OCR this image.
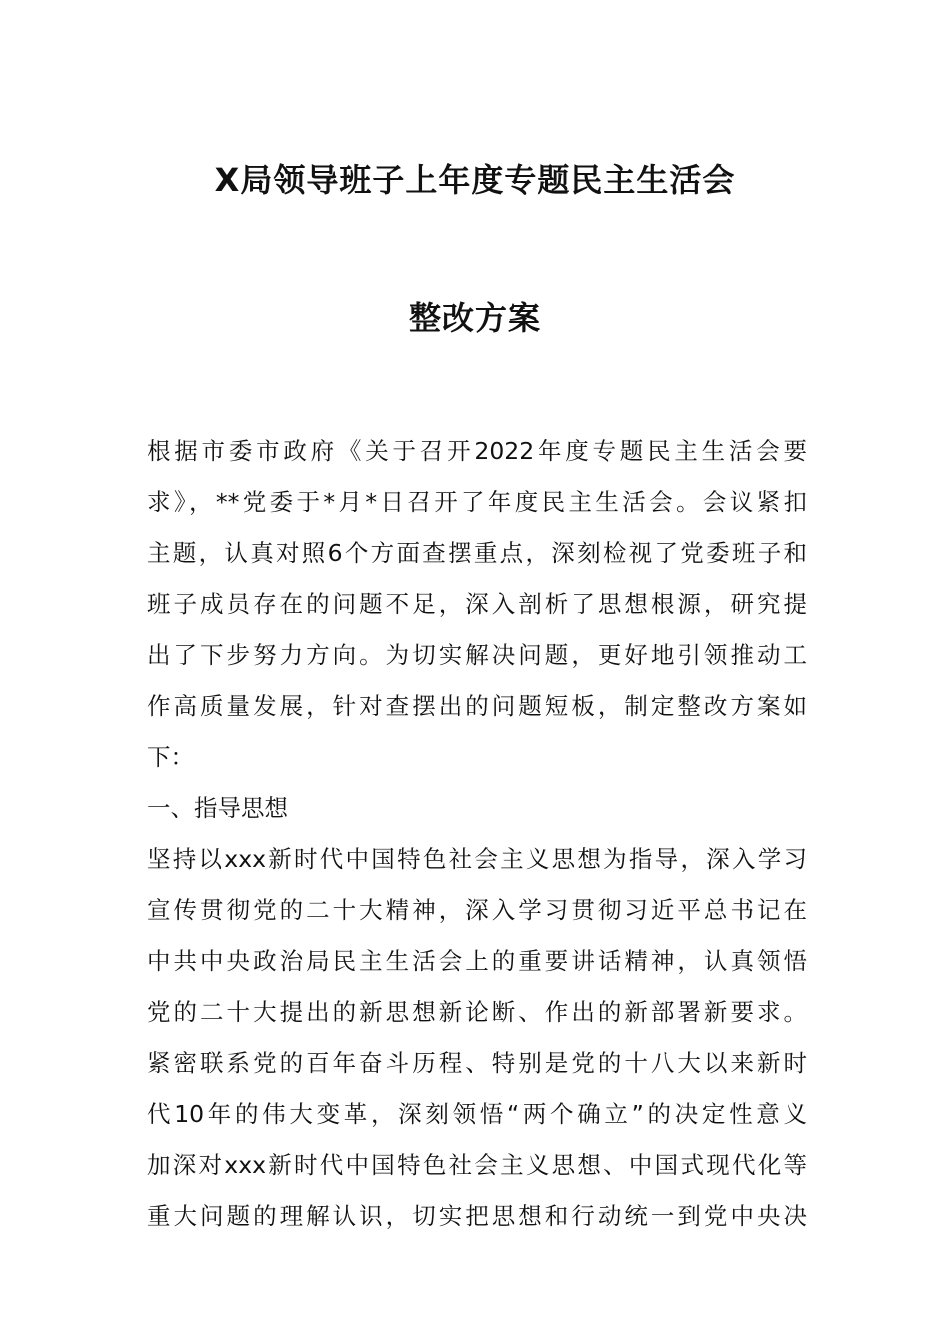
X局领导班子上年度专题民主生活会
整改方案
根据市委市政府《关于召开2022年度专题民主生活会要
求》，**党委于*月*日召开了年度民主生活会。会议紧扣
主题，认真对照6个方面查摆重点，深刻检视了党委班子和
班子成员存在的问题不足，深入剖析了思想根源，研究提
出了下步努力方向。为切实解决问题，更好地引领推动工
作高质量发展，针对查摆出的问题短板，制定整改方案如
下：
一、指导思想
坚持以xxx新时代中国特色社会主义思想为指导，深入学习
宣传贯彻党的二十大精神，深入学习贯彻习近平总书记在
中共中央政治局民主生活会上的重要讲话精神，认真领悟
党的二十大提出的新思想新论断、作出的新部署新要求。
紧密联系党的百年奋斗历程、特别是党的十八大以来新时
代10年的伟大变革，深刻领悟“两个确立”的决定性意义
加深对xxx新时代中国特色社会主义思想、中国式现代化等
重大问题的理解认识，切实把思想和行动统一到党中央决
